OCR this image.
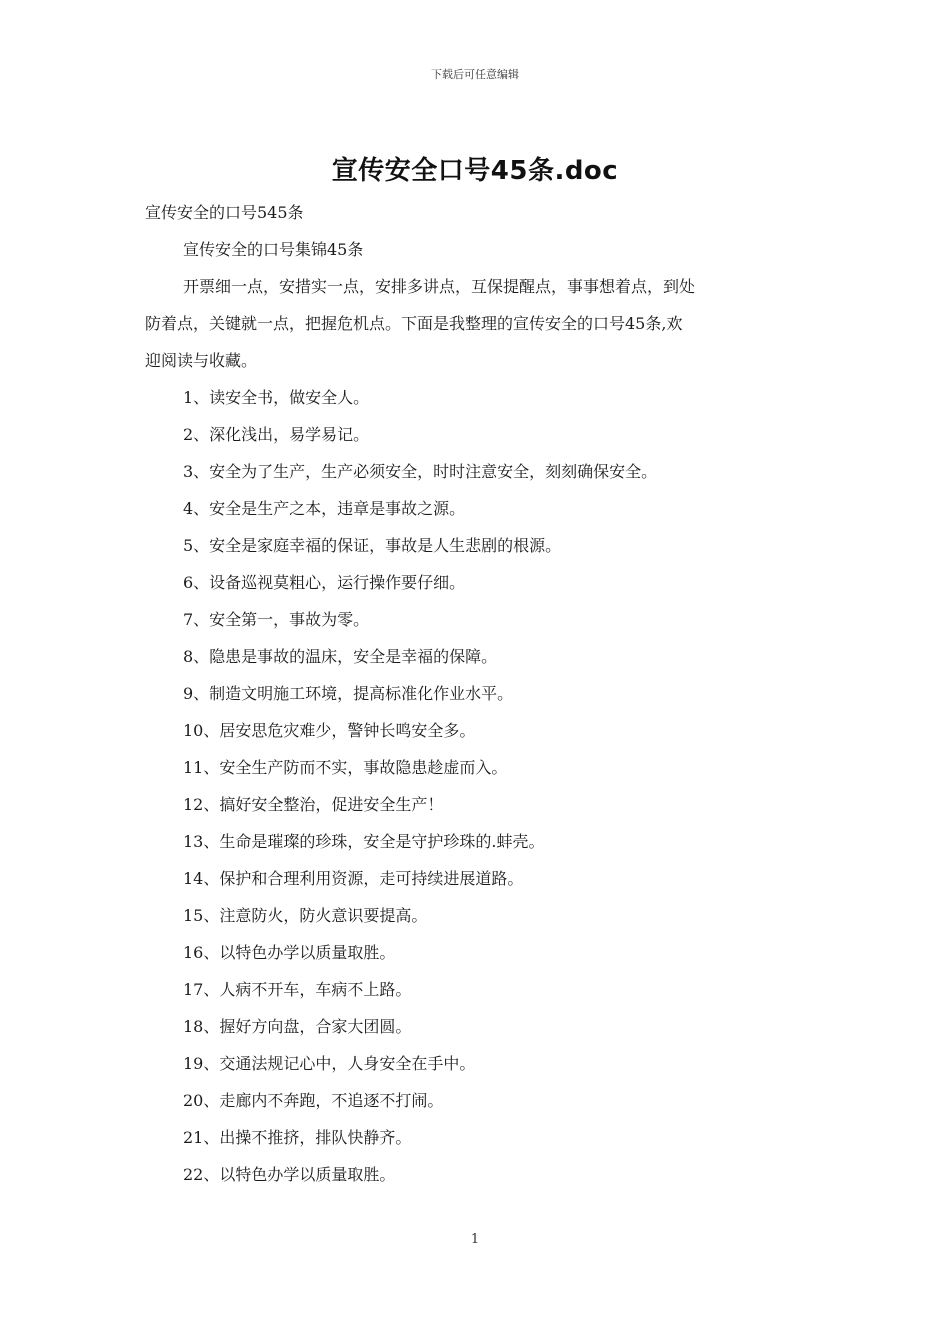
下载后可任意编辑
宣传安全口号45条.doc
宣传安全的口号545条
宣传安全的口号集锦45条
开票细一点，安措实一点，安排多讲点，互保提醒点，事事想着点，到处
防着点，关键就一点，把握危机点。下面是我整理的宣传安全的口号45条,欢
迎阅读与收藏。
1、读安全书，做安全人。
2、深化浅出，易学易记。
3、安全为了生产，生产必须安全，时时注意安全，刻刻确保安全。
4、安全是生产之本，违章是事故之源。
5、安全是家庭幸福的保证，事故是人生悲剧的根源。
6、设备巡视莫粗心，运行操作要仔细。
7、安全第一，事故为零。
8、隐患是事故的温床，安全是幸福的保障。
9、制造文明施工环境，提高标准化作业水平。
10、居安思危灾难少，警钟长鸣安全多。
11、安全生产防而不实，事故隐患趁虚而入。
12、搞好安全整治，促进安全生产！
13、生命是璀璨的珍珠，安全是守护珍珠的.蚌壳。
14、保护和合理利用资源，走可持续进展道路。
15、注意防火，防火意识要提高。
16、以特色办学以质量取胜。
17、人病不开车，车病不上路。
18、握好方向盘，合家大团圆。
19、交通法规记心中，人身安全在手中。
20、走廊内不奔跑，不追逐不打闹。
21、出操不推挤，排队快静齐。
22、以特色办学以质量取胜。
1
